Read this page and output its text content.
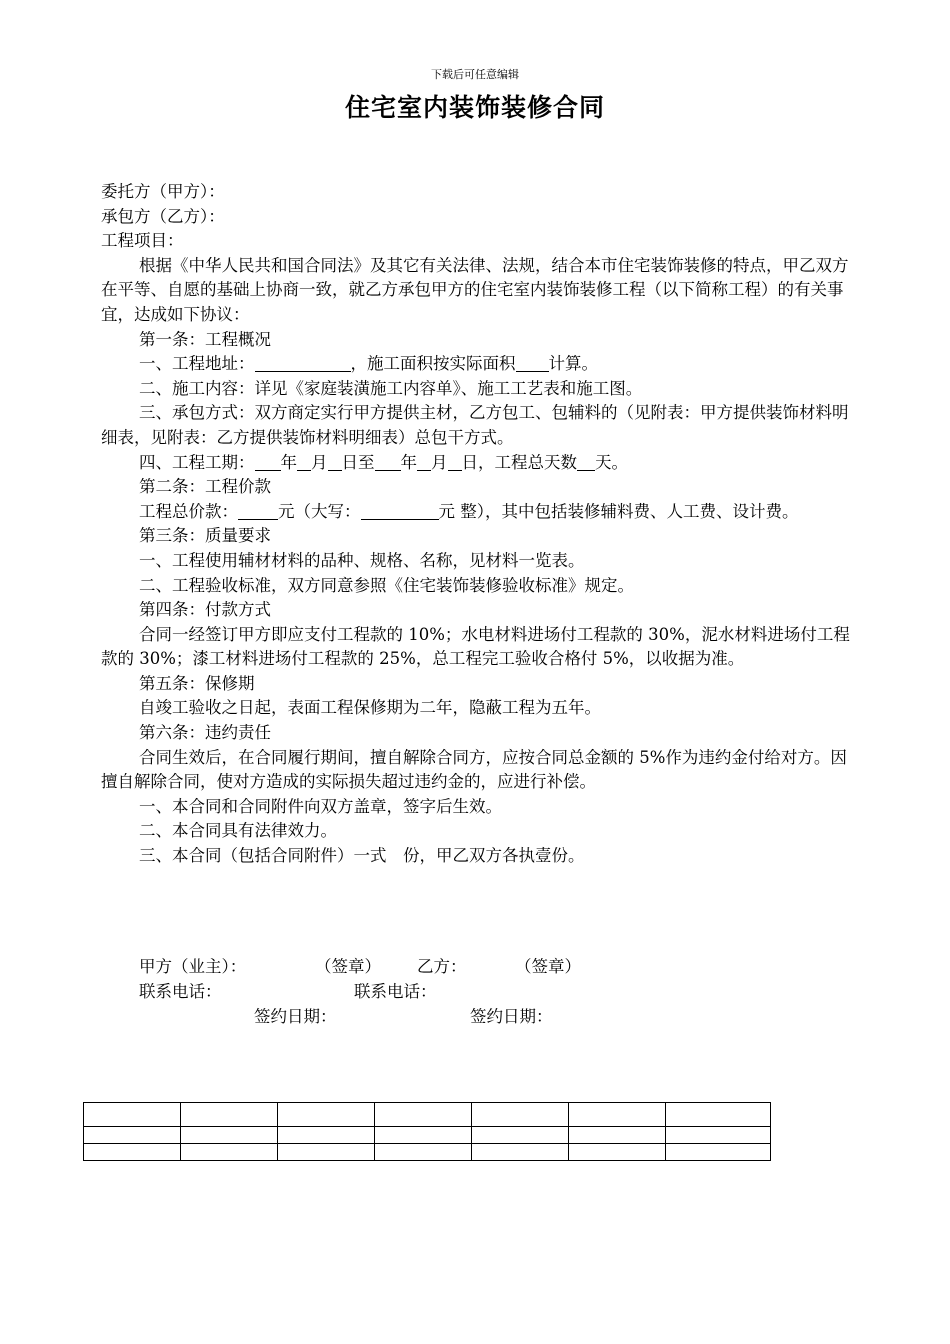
下载后可任意编辑
住宅室内装饰装修合同

委托方（甲方）：

承包方（乙方）：

工程项目：

根据《中华人民共和国合同法》及其它有关法律、法规，结合本市住宅装饰装修的特点，甲乙双方在平等、自愿的基础上协商一致，就乙方承包甲方的住宅室内装饰装修工程（以下简称工程）的有关事宜，达成如下协议：

第一条：工程概况

一、工程地址：	，施工面积按实际面积 计算。

二、施工内容：详见《家庭装潢施工内容单》、施工工艺表和施工图。

三、承包方式：双方商定实行甲方提供主材，乙方包工、包辅料的（见附表：甲方提供装饰材料明细表，见附表：乙方提供装饰材料明细表）总包干方式。

四、工程工期： 年 月 日至 年 月 日，工程总天数 天。

第二条：工程价款

工程总价款： 元（大写：	元 整），其中包括装修辅料费、人工费、设计费。

第三条：质量要求

一、工程使用辅材材料的品种、规格、名称，见材料一览表。

二、工程验收标准，双方同意参照《住宅装饰装修验收标准》规定。

第四条：付款方式

合同一经签订甲方即应支付工程款的 10%；水电材料进场付工程款的 30%，泥水材料进场付工程款的 30%；漆工材料进场付工程款的 25%，总工程完工验收合格付 5%，以收据为准。

第五条：保修期

自竣工验收之日起，表面工程保修期为二年，隐蔽工程为五年。

第六条：违约责任

合同生效后，在合同履行期间，擅自解除合同方，应按合同总金额的 5%作为违约金付给对方。因擅自解除合同，使对方造成的实际损失超过违约金的，应进行补偿。

一、本合同和合同附件向双方盖章，签字后生效。

二、本合同具有法律效力。

三、本合同（包括合同附件）一式　份，甲乙双方各执壹份。

甲方（业主）：	（签章） 乙方：	（签章）
联系电话：	联系电话：
签约日期：	签约日期：
